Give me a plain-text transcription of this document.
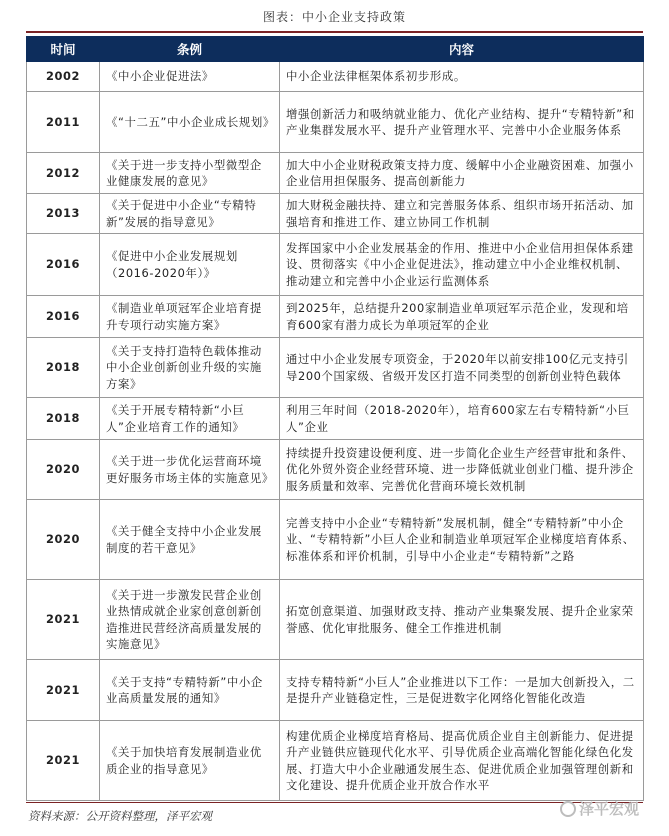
图表：中小企业支持政策
时间	条例	内容
2002	《中小企业促进法》	中小企业法律框架体系初步形成。
2011	《“十二五”中小企业成长规划》	增强创新活力和吸纳就业能力、优化产业结构、提升“专精特新”和产业集群发展水平、提升产业管理水平、完善中小企业服务体系
2012	《关于进一步支持小型微型企业健康发展的意见》	加大中小企业财税政策支持力度、缓解中小企业融资困难、加强小企业信用担保服务、提高创新能力
2013	《关于促进中小企业“专精特新”发展的指导意见》	加大财税金融扶持、建立和完善服务体系、组织市场开拓活动、加强培育和推进工作、建立协同工作机制
2016	《促进中小企业发展规划（2016-2020年）》	发挥国家中小企业发展基金的作用、推进中小企业信用担保体系建设、贯彻落实《中小企业促进法》，推动建立中小企业维权机制、推动建立和完善中小企业运行监测体系
2016	《制造业单项冠军企业培育提升专项行动实施方案》	到2025年，总结提升200家制造业单项冠军示范企业，发现和培育600家有潜力成长为单项冠军的企业
2018	《关于支持打造特色载体推动中小企业创新创业升级的实施方案》	通过中小企业发展专项资金，于2020年以前安排100亿元支持引导200个国家级、省级开发区打造不同类型的创新创业特色载体
2018	《关于开展专精特新“小巨人”企业培育工作的通知》	利用三年时间（2018-2020年），培育600家左右专精特新“小巨人”企业
2020	《关于进一步优化运营商环境 更好服务市场主体的实施意见》	持续提升投资建设便利度、进一步简化企业生产经营审批和条件、优化外贸外资企业经营环境、进一步降低就业创业门槛、提升涉企服务质量和效率、完善优化营商环境长效机制
2020	《关于健全支持中小企业发展制度的若干意见》	完善支持中小企业“专精特新”发展机制，健全“专精特新”中小企业、“专精特新”小巨人企业和制造业单项冠军企业梯度培育体系、标准体系和评价机制，引导中小企业走“专精特新”之路
2021	《关于进一步激发民营企业创业热情成就企业家创意创新创造推进民营经济高质量发展的实施意见》	拓宽创意渠道、加强财政支持、推动产业集聚发展、提升企业家荣誉感、优化审批服务、健全工作推进机制
2021	《关于支持“专精特新”中小企业高质量发展的通知》	支持专精特新“小巨人”企业推进以下工作：一是加大创新投入，二是提升产业链稳定性，三是促进数字化网络化智能化改造
2021	《关于加快培育发展制造业优质企业的指导意见》	构建优质企业梯度培育格局、提高优质企业自主创新能力、促进提升产业链供应链现代化水平、引导优质企业高端化智能化绿色化发展、打造大中小企业融通发展生态、促进优质企业加强管理创新和文化建设、提升优质企业开放合作水平
资料来源：公开资料整理，泽平宏观	泽平宏观
